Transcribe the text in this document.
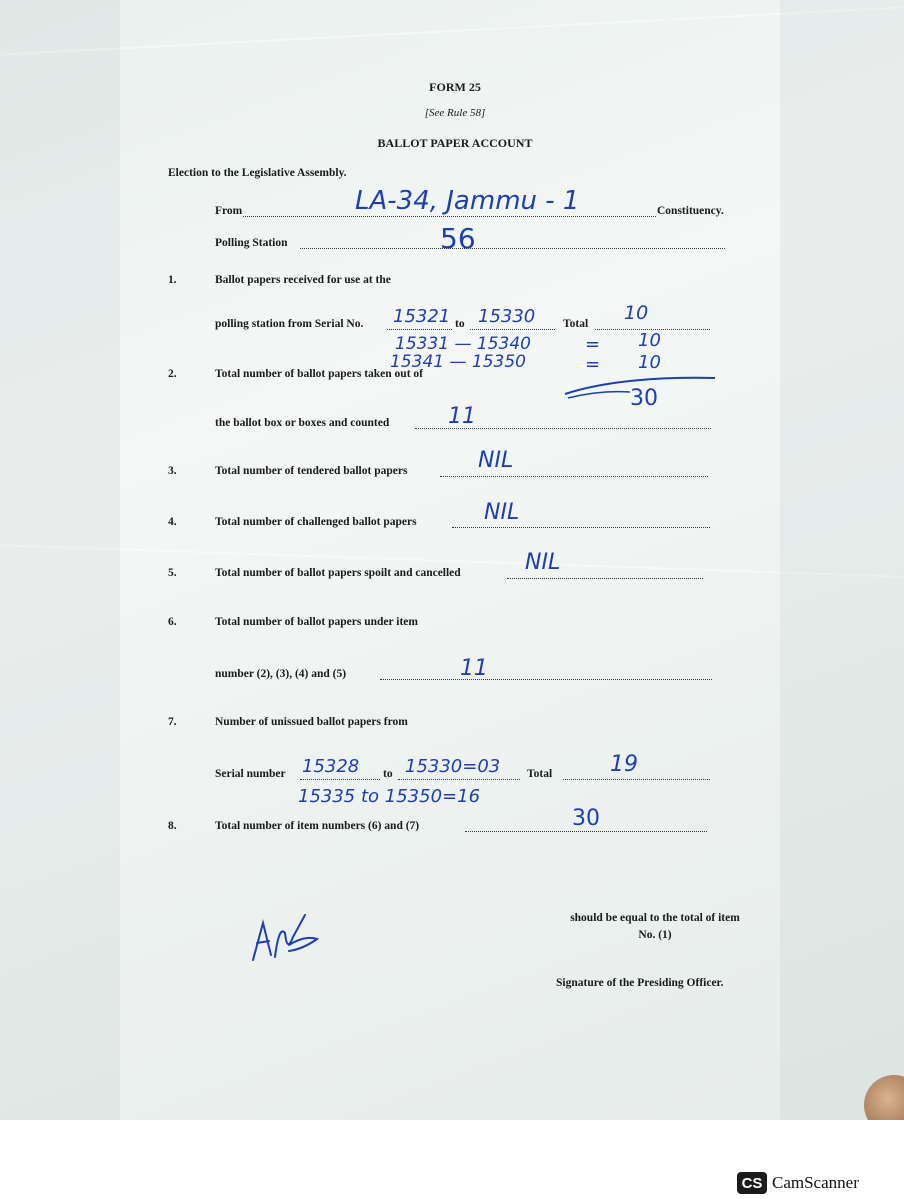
FORM 25
[See Rule 58]
BALLOT PAPER ACCOUNT
Election to the Legislative Assembly.
From	LA-34, Jammu - 1	Constituency.
Polling Station	56
1.	Ballot papers received for use at the
polling station from Serial No. 15321 to 15330 Total 10
15331 — 15340	= 10
15341 — 15350	= 10
30
2.	Total number of ballot papers taken out of
the ballot box or boxes and counted	11
3.	Total number of tendered ballot papers	NIL
4.	Total number of challenged ballot papers	NIL
5.	Total number of ballot papers spoilt and cancelled	NIL
6.	Total number of ballot papers under item
number (2), (3), (4) and (5)	11
7.	Number of unissued ballot papers from
Serial number 15328 to 15330=03 Total	19
15335 to 15350=16
8.	Total number of item numbers (6) and (7)	30
should be equal to the total of item
No. (1)
Signature of the Presiding Officer.
CS CamScanner
